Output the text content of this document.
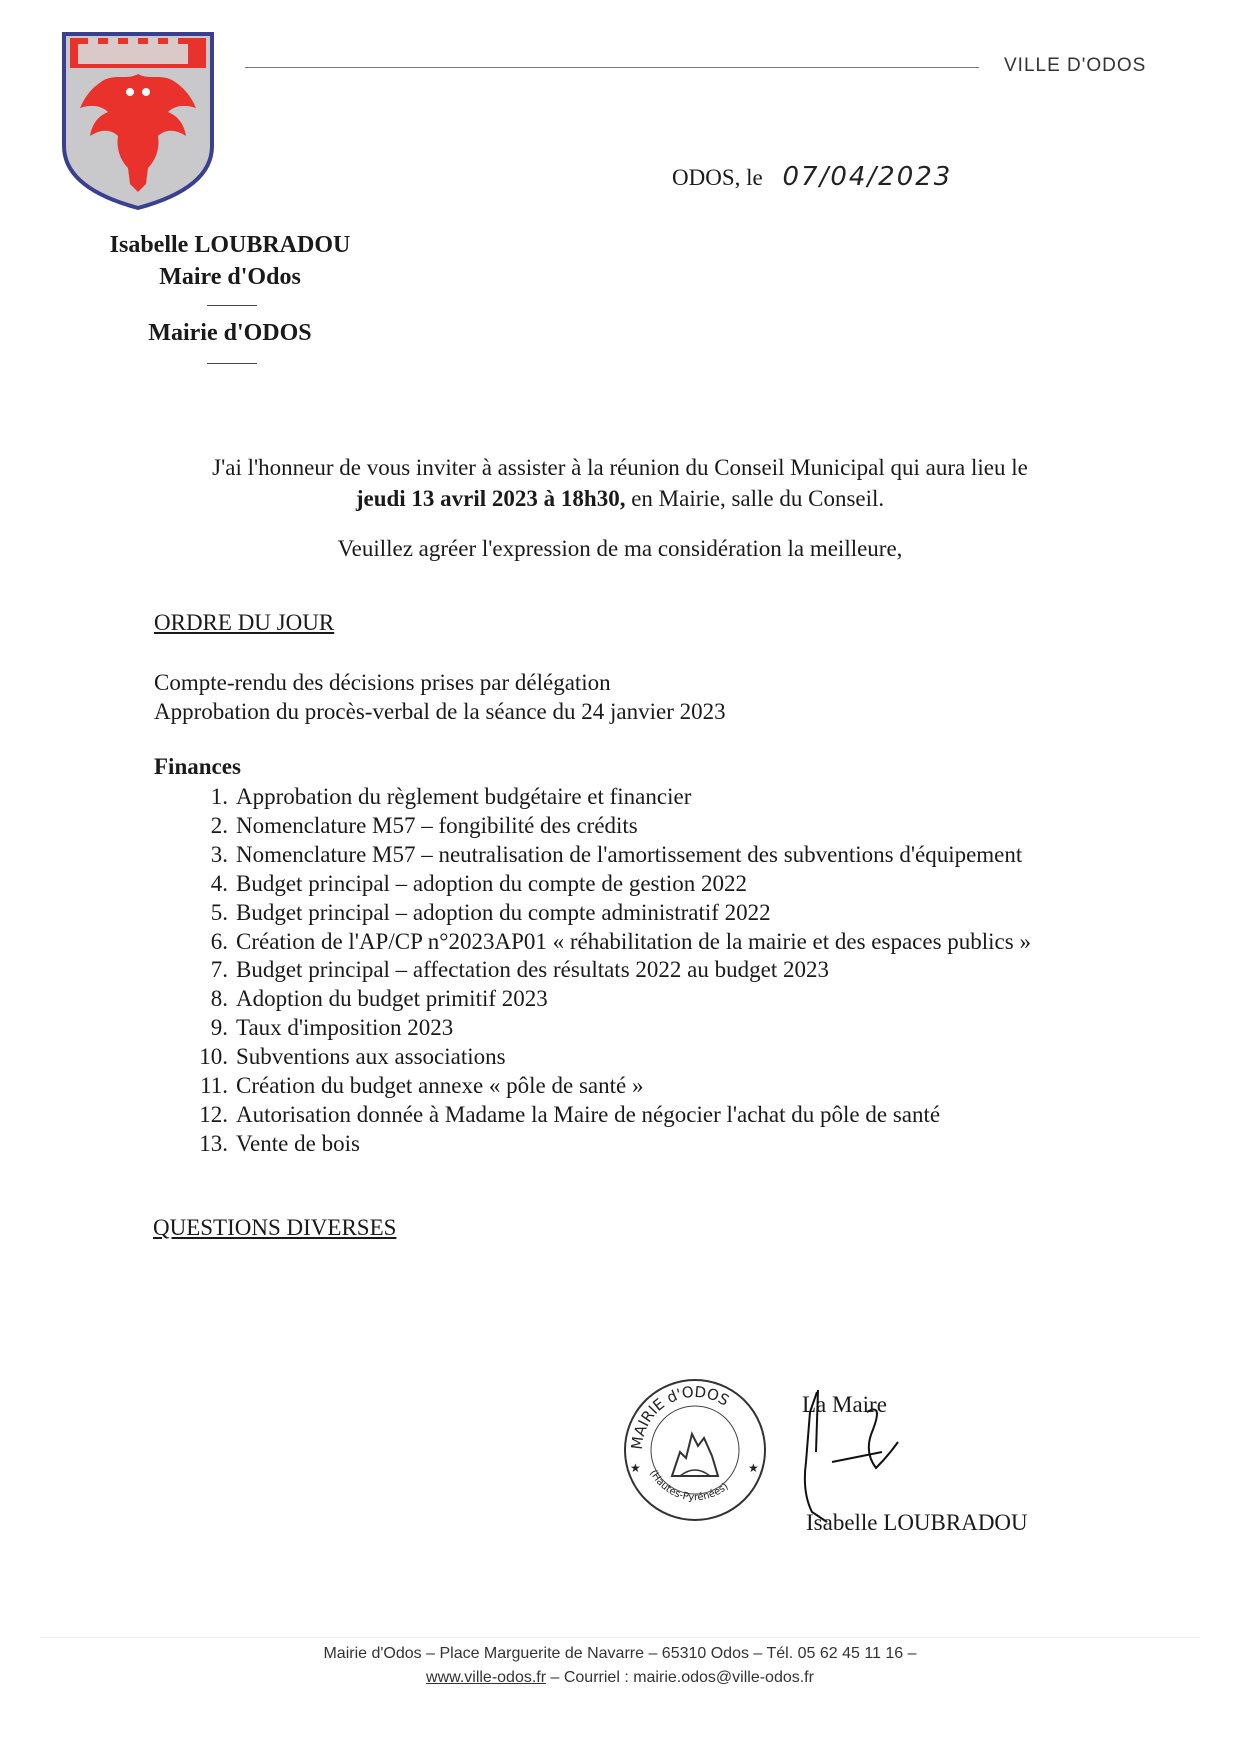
VILLE D'ODOS
ODOS, le 07/04/2023
Isabelle LOUBRADOU
Maire d'Odos
Mairie d'ODOS
J'ai l'honneur de vous inviter à assister à la réunion du Conseil Municipal qui aura lieu le
jeudi 13 avril 2023 à 18h30, en Mairie, salle du Conseil.
Veuillez agréer l'expression de ma considération la meilleure,
ORDRE DU JOUR
Compte-rendu des décisions prises par délégation
Approbation du procès-verbal de la séance du 24 janvier 2023
Finances
1. Approbation du règlement budgétaire et financier
2. Nomenclature M57 – fongibilité des crédits
3. Nomenclature M57 – neutralisation de l'amortissement des subventions d'équipement
4. Budget principal – adoption du compte de gestion 2022
5. Budget principal – adoption du compte administratif 2022
6. Création de l'AP/CP n°2023AP01 « réhabilitation de la mairie et des espaces publics »
7. Budget principal – affectation des résultats 2022 au budget 2023
8. Adoption du budget primitif 2023
9. Taux d'imposition 2023
10. Subventions aux associations
11. Création du budget annexe « pôle de santé »
12. Autorisation donnée à Madame la Maire de négocier l'achat du pôle de santé
13. Vente de bois
QUESTIONS DIVERSES
MAIRIE d'ODOS
(Hautes-Pyrénées)
★	★
La Maire
Isabelle LOUBRADOU
Mairie d'Odos – Place Marguerite de Navarre – 65310 Odos – Tél. 05 62 45 11 16 –
www.ville-odos.fr – Courriel : mairie.odos@ville-odos.fr
